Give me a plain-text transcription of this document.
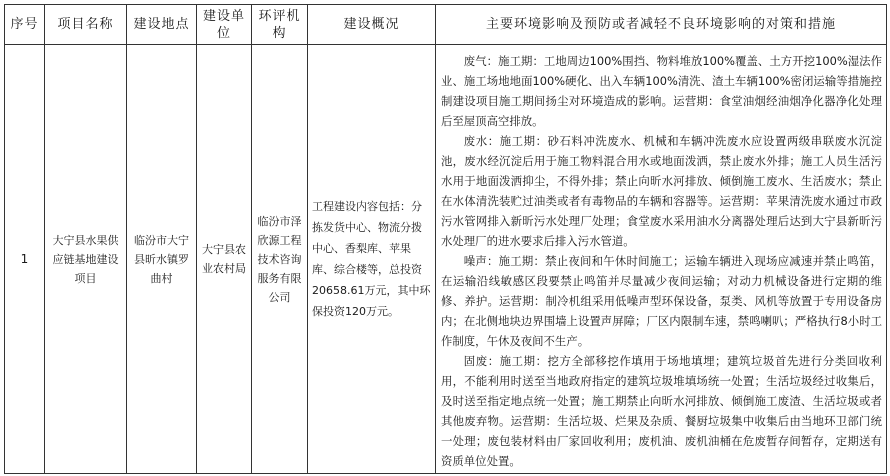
序号	项目名称	建设地点	建设单位	环评机构	建设概况	主要环境影响及预防或者减轻不良环境影响的对策和措施
1	大宁县水果供应链基地建设项目	临汾市大宁县昕水镇罗曲村	大宁县农业农村局	临汾市泽欣源工程技术咨询服务有限公司	工程建设内容包括：分拣发货中心、物流分拨中心、香梨库、苹果库、综合楼等，总投资20658.61万元，其中环保投资120万元。	废气：施工期：工地周边100%围挡、物料堆放100%覆盖、土方开挖100%湿法作业、施工场地地面100%硬化、出入车辆100%清洗、渣土车辆100%密闭运输等措施控制建设项目施工期间扬尘对环境造成的影响。运营期：食堂油烟经油烟净化器净化处理后至屋顶高空排放。

废水：施工期：砂石料冲洗废水、机械和车辆冲洗废水应设置两级串联废水沉淀池，废水经沉淀后用于施工物料混合用水或地面泼洒，禁止废水外排；施工人员生活污水用于地面泼洒抑尘，不得外排；禁止向昕水河排放、倾倒施工废水、生活废水；禁止在水体清洗装贮过油类或者有毒物品的车辆和容器等。运营期：苹果清洗废水通过市政污水管网排入新昕污水处理厂处理；食堂废水采用油水分离器处理后达到大宁县新昕污水处理厂的进水要求后排入污水管道。

噪声：施工期：禁止夜间和午休时间施工；运输车辆进入现场应减速并禁止鸣笛，在运输沿线敏感区段要禁止鸣笛并尽量减少夜间运输；对动力机械设备进行定期的维修、养护。运营期：制冷机组采用低噪声型环保设备，泵类、风机等放置于专用设备房内；在北侧地块边界围墙上设置声屏障；厂区内限制车速，禁鸣喇叭；严格执行8小时工作制度，午休及夜间不生产。

固废：施工期：挖方全部移挖作填用于场地填埋；建筑垃圾首先进行分类回收利用，不能利用时送至当地政府指定的建筑垃圾堆填场统一处置；生活垃圾经过收集后，及时送至指定地点统一处置；施工期禁止向昕水河排放、倾倒施工废渣、生活垃圾或者其他废弃物。运营期：生活垃圾、烂果及杂质、餐厨垃圾集中收集后由当地环卫部门统一处理；废包装材料由厂家回收利用；废机油、废机油桶在危废暂存间暂存，定期送有资质单位处置。
